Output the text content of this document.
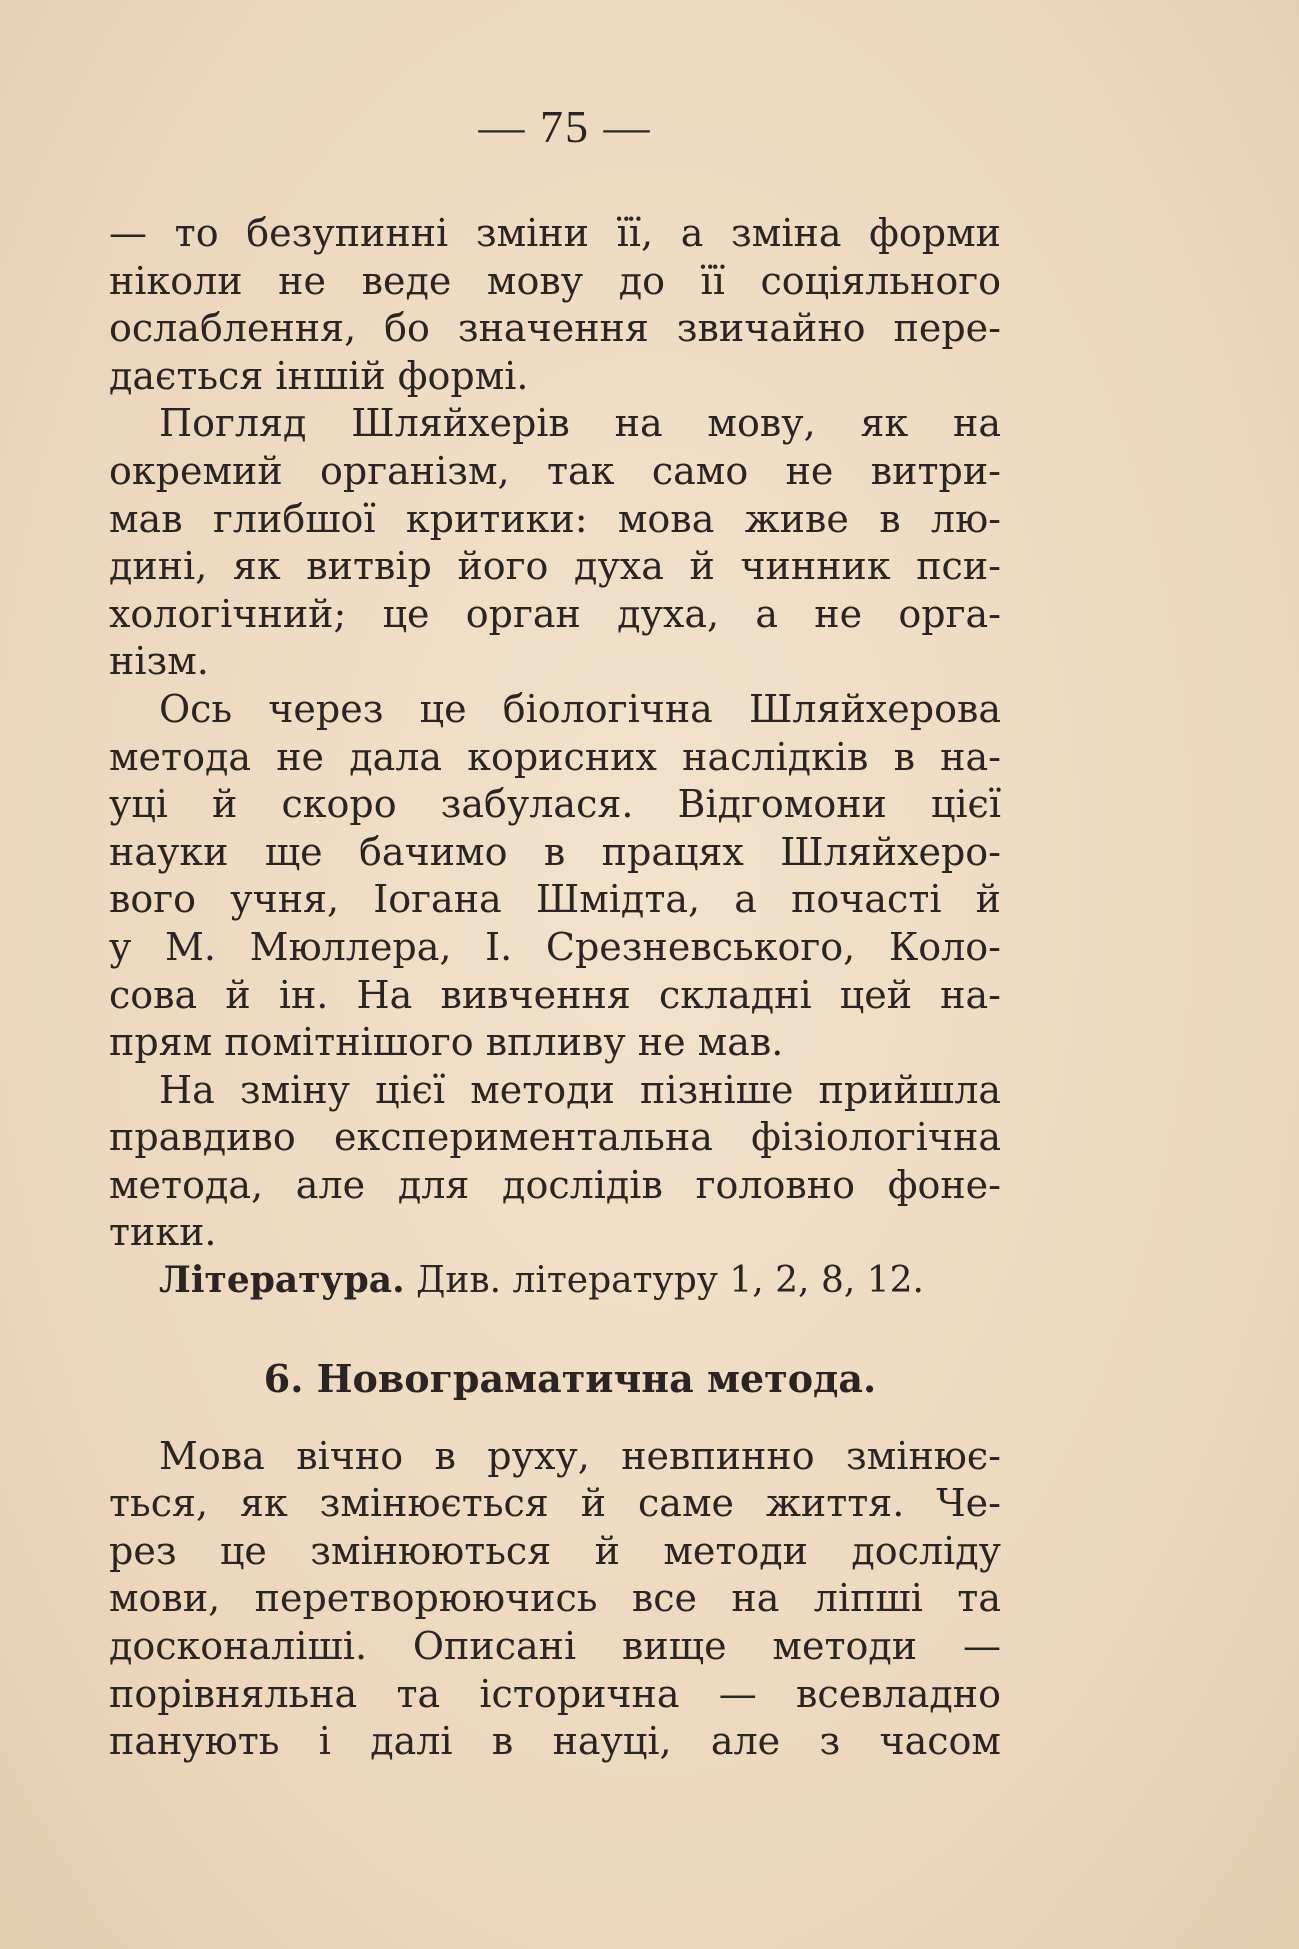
— 75 —
— то безупинні зміни її, а зміна форми
ніколи не веде мову до її соціяльного
ослаблення, бо значення звичайно пере-
дається іншій формі.
Погляд Шляйхерів на мову, як на
окремий організм, так само не витри-
мав глибшої критики: мова живе в лю-
дині, як витвір його духа й чинник пси-
хологічний; це орган духа, а не орга-
нізм.
Ось через це біологічна Шляйхерова
метода не дала корисних наслідків в на-
уці й скоро забулася. Відгомони цієї
науки ще бачимо в працях Шляйхеро-
вого учня, Іогана Шмідта, а почасті й
у М. Мюллера, І. Срезневського, Коло-
сова й ін. На вивчення складні цей на-
прям помітнішого впливу не мав.
На зміну цієї методи пізніше прийшла
правдиво експериментальна фізіологічна
метода, але для дослідів головно фоне-
тики.
Література. Див. літературу 1, 2, 8, 12.
6. Новограматична метода.
Мова вічно в руху, невпинно змінює-
ться, як змінюється й саме життя. Че-
рез це змінюються й методи досліду
мови, перетворюючись все на ліпші та
досконаліші. Описані вище методи —
порівняльна та історична — всевладно
панують і далі в науці, але з часом
